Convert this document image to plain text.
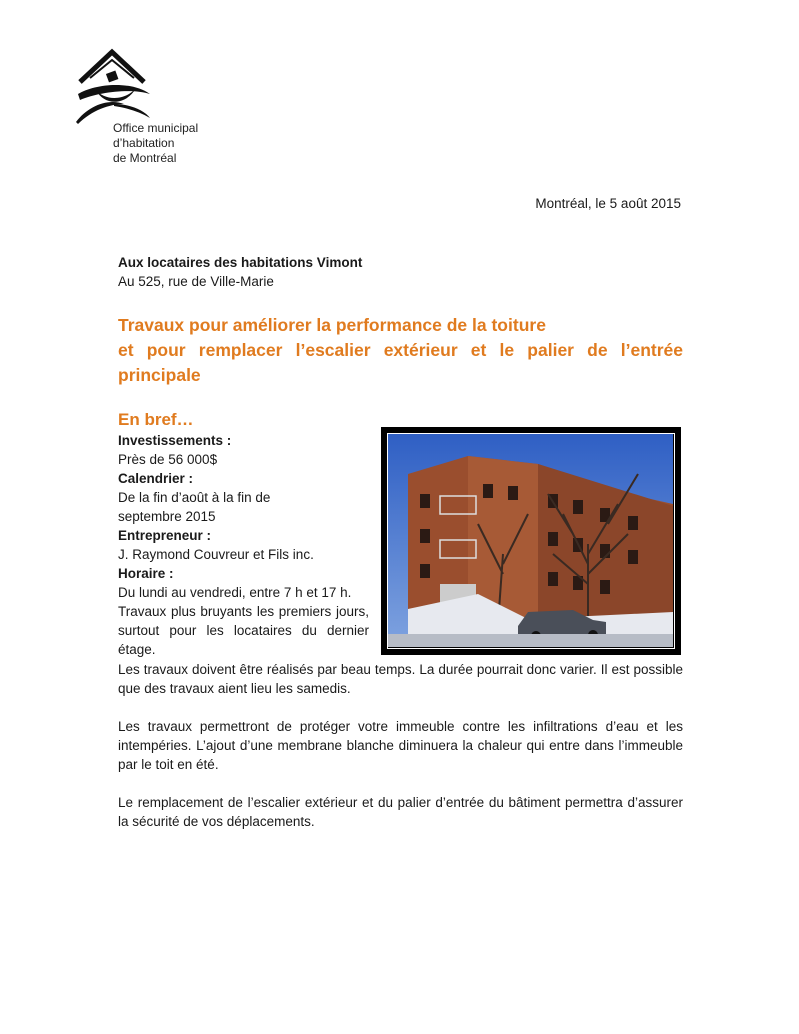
Office municipal
d’habitation
de Montréal
Montréal, le 5 août 2015
Aux locataires des habitations Vimont
Au 525, rue de Ville-Marie
Travaux pour améliorer la performance de la toiture
et pour remplacer l’escalier extérieur et le palier de l’entrée
principale
En bref…
Investissements :
Près de 56 000$
Calendrier :
De la fin d’août à la fin de septembre 2015
Entrepreneur :
J. Raymond Couvreur et Fils inc.
Horaire :
Du lundi au vendredi, entre 7 h et 17 h.
Travaux plus bruyants les premiers jours, surtout pour les locataires du dernier étage.

Les travaux doivent être réalisés par beau temps. La durée pourrait donc varier. Il est possible que des travaux aient lieu les samedis.

Les travaux permettront de protéger votre immeuble contre les infiltrations d’eau et les intempéries. L’ajout d’une membrane blanche diminuera la chaleur qui entre dans l’immeuble par le toit en été.

Le remplacement de l’escalier extérieur et du palier d’entrée du bâtiment permettra d’assurer la sécurité de vos déplacements.
